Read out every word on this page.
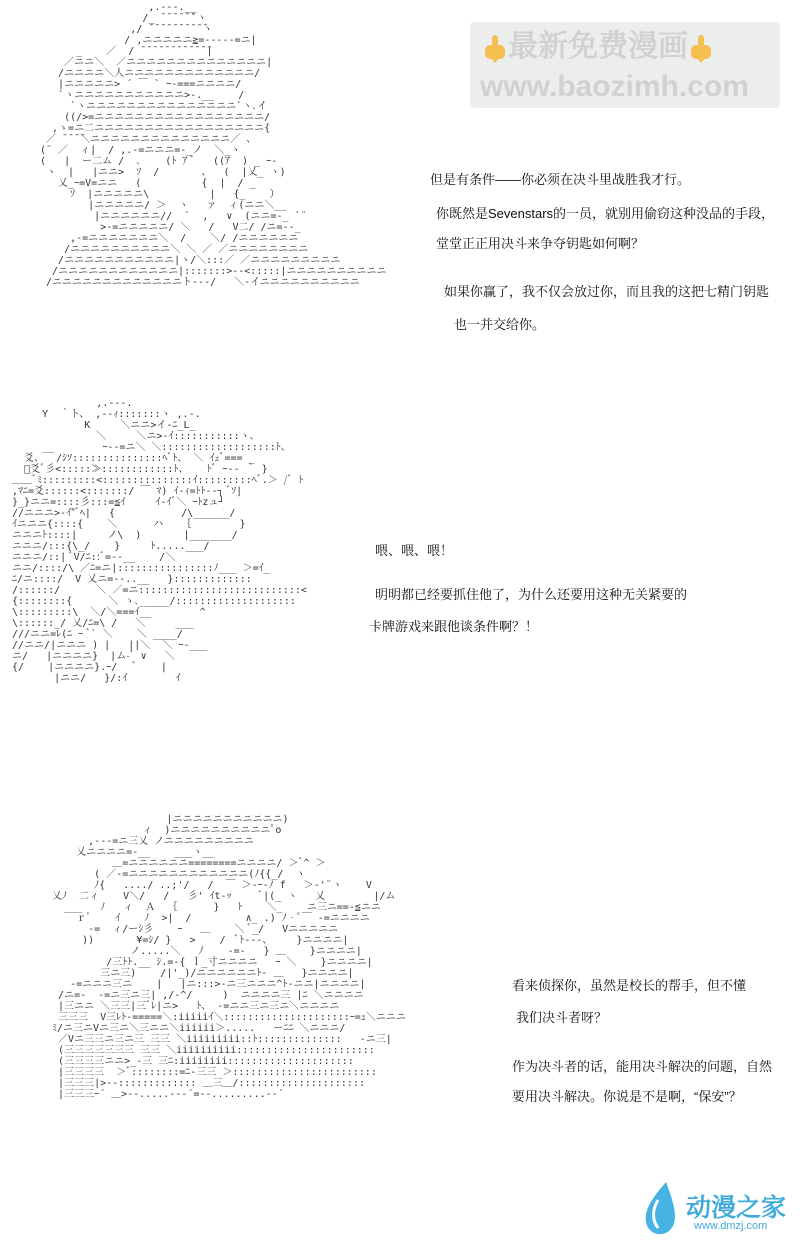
,.-‐-.__
/_ ̄ ̄ ̄ ̄ ̄ ̄`ヽ
,/ ̄ ̄ ̄ ̄ ̄ ̄ ̄ ̄ ̄ ̄ヽ
/ ,ニニニニニ≧=‐-‐-‐=ニ|
_    ／  / ̄ ̄ ̄ ̄ ̄ ̄ ̄ ̄ ̄ ̄ ̄ ̄|
／ニニ＼  ／ニニニニニニニニニニニニニニ|
/ニニニニ＼人ニニニニニニニニニニニニニ/
|ニニニニニ> ´ ￣ ` ｰ-===ニニニニ/
`ヽニニニニニニニニニニニ>-.__    /
`ヽニニニニニニニニニニニニニニニ`ヽ､イ
((/>=ニニニニニニニニニニニニニニニニニ/
,ゝ=ニ二ニニニニニニニニニニニニニニニニニ{
／ ̄ ̄ ̄ ̄＼ニニニニニニニニニニニニニニ／ 、
(¨ ／  ィ|  / ,.-=ニニニ=-_ノ  ＼_ヽ
(   |  ー二ム /  ､    (ﾄ ｱ ﾞ   ((ｱ  ) _ ｰ-
ヽ  |   |ニニ>  ｿ  /       、  (  |乂_ ヽ)
乂_ｰ=V=ニニ   (          {  |  / _
ｿ  |ニニニニニ\          |   {_    ）
|ニニニニニ/ ＞  ヽ   ァ  ィ(ニニ＼__
|ニニニニニニ//  `  ,   ∨  (ニニ=-_ `¨
>-=ニニニニニ/ ＼   /   V二/ /ニ=‐-_
,-=ニニニニニニニ＼  /    ＼/ /ニニニニニニ
/ニニニニニニニニニニ＼ ＼ ／ ／ニニニニニニニニ
/ニニニニニニニニニニニ|ヽ/＼:::／ ／ニニニニニニニニニ
/ニニニニニニニニニニニニ|:::::::>--<:::::|ニニニニニニニニニニ
/ニニニニニニニニニニニニニト---/   ＼-イニニニニニニニニニニ

但是有条件——你必须在决斗里战胜我才行。

你既然是Sevenstars的一员，就别用偷窃这种没品的手段，

堂堂正正用决斗来争夺钥匙如何啊？

如果你赢了，我不仅会放过你，而且我的这把七精门钥匙

也一并交给你。

,.-‐-.
Y  ｀ト、 ,--ｨ:::::::ヽ ,.-.
K     ＼ニニ>イ‐ﾆ_L_
＼     ＼ニ>‐ｲ:::::::::::ヽ、
__        ｰ-‐=ニ＼ ＼:::::::::::::::::::ﾄ、
爻、  /ｼｿ:::::::::::::::ﾍﾞﾄ、 ＼ ｲｪﾞ=== _
ﾞ爻ﾞ彡<:::::≫::::::::::::ﾄ、   ﾄﾞ ｰ-- ｀ }
＿＿ﾞﾐ:::::::::<:::::::::::::::ｲ:::::::::ﾍﾞ.＞ /ﾞ ﾄ
,ﾏﾆ=爻::::::<:::::::/ ￣ ﾏ) ｲ-ｨ=ﾄﾄ--┐ ﾞｿ|
}_}ニニ=::::彡:::=≦ｲ     ｲ-ｲﾞ＼ ｰﾄzュ┘
//ニニニ>-ｲ"ﾞﾍ|   {           /\______/
ｲニニニ{::::{    ＼      ハ   ｛        }
ニニニﾄ::::|     ノ\  )       |_______/
ニニニ/:::{\_/    }     ﾄ.....___/
ニニニ/::| ﾞV/ﾆ::ﾞ=‐-__    /＼
ニニ/::::/\ ／ﾆ=ニ|::::::::::::::::ﾉ___ ＞=ｲ_
ﾆ/ニ::::/  V 乂ニ=‐-..__   }:::::::::::::
/::::::/      ＼ ／=ニ:::::::::::::::::::::::::::<
{::::::::{      ＼ ゝ､_____/::::::::::::::::::::
\:::::::::\  ＼/＼===ｲ__        ^
\::::::_/ 乂/ﾆ=\ /   ＼     ___
///ニニ=ﾚ(ﾆ ｰ ﾞ` ＼    ＼ ____/
//ニニ/|ニニニ ) |   ||＼  ＼ ｰ-___
ニ/   |ニニニニ}  |ム-ﾞ ∨   ＼
{/    |ニニニニ}.ｰ/   ﾞ    |
|ニニ/   }/:ｲ        ｲ

喂、喂、喂！

明明都已经要抓住他了，为什么还要用这种无关紧要的

卡牌游戏来跟他谈条件啊？！

|ニニニニニニニニニニニ)
ィ  )ニニニニニニニニニニﾟo
,--‐=ニ三乂 ノニニニニニニニニニ
乂ニニニニ=-__    ___ヽ__
＿=ニニニニニニ========ニニニニ/ ＞ﾞ^ ＞
( ／‐=ニニニニニニニニニニニニ(ﾉ{{_/  ヽ
ﾉ{   ..../ ..;'/   /  ￣ ＞-ｰ‐ﾉ f   ＞‐'¨ヽ    V
乂ﾉ  二ィ    V＼/   /   彡' ｲt-ｯ     ﾞ|(_ ヽ   乂        |/ム
___   ﾉ   ィ  Ａ  ｛      }   ﾄ    ＼_    ニ三ニ==‐≦ニニ
ｒﾞ    ｲ    ﾉ  >|  /         ∧_ .) ﾉ‐ﾟ￣ -=ニニニニ
‐=  ィ/ーｼ彡    ｰ   ＿    ＼ ﾞ_/   Vニニニニニ
))       ¥=ｼ/ }   >    /  ﾞﾄ---、    }ニニニニ|
ノ.....＼   ﾉ    -=‐   } ＿    }ニニニニ|
/三ﾄﾄ.__ ｼ.=-{ ｌ_寸ニニニニ   ｰ ＼    }ニニニニ|
三ニ三)    /|'_)/ニニニニニニﾄ‐ ＿   }ニニニニ|
‐=ニニニ三ニ    |   |ニ:::>-ニ三ニニニ^ﾄ-ニニ|ニニニニ|
/ニ=‐  ‐=ニ三ニ三| ,/‐^/     )  ニニニニ三 |ﾆ ＼ニニニニ
|三ニニ ＼三三|三ﾞﾚ|ニ>   ﾄ、 ‐=ニニ三ニ三ニ＼ニニニニ
三三三  V三ﾚﾄ-=====＼:iiiiiｲ＼:::::::::::::::::::::ｰ=ｭ＼ニニニ
ﾐ/ニ三ニVニ三ニ＼三ニニ＼iiiiii＞.....   ーﾆﾆ ＼ニニニ/
／Vニ三三ニ三ニ三 三三 ＼iiiiiiiii::ﾄ::::::::::::::   ‐ニ三|
(三三三三三三三 三三 ＼iiiiiiiiii:::::::::::::::::::::::
(三三三三ニニ>_‐三 三ﾆ:iiiiiiii:::::::::::::::::::::
|三三三三  ＞ﾞ::::::::=ﾆ‐三三 ＞::::::::::::::::::::::::
|三三三|>-‐::::::::::::: ＿三＿/:::::::::::::::::::::
|三三三ｰ´ ＿>‐-.....--‐´=‐-.........--´

看来侦探你，虽然是校长的帮手，但不懂

我们决斗者呀？

作为决斗者的话，能用决斗解决的问题，自然

要用决斗解决。你说是不是啊，“保安”？

最新免费漫画
www.baozimh.com
动漫之家
www.dmzj.com
